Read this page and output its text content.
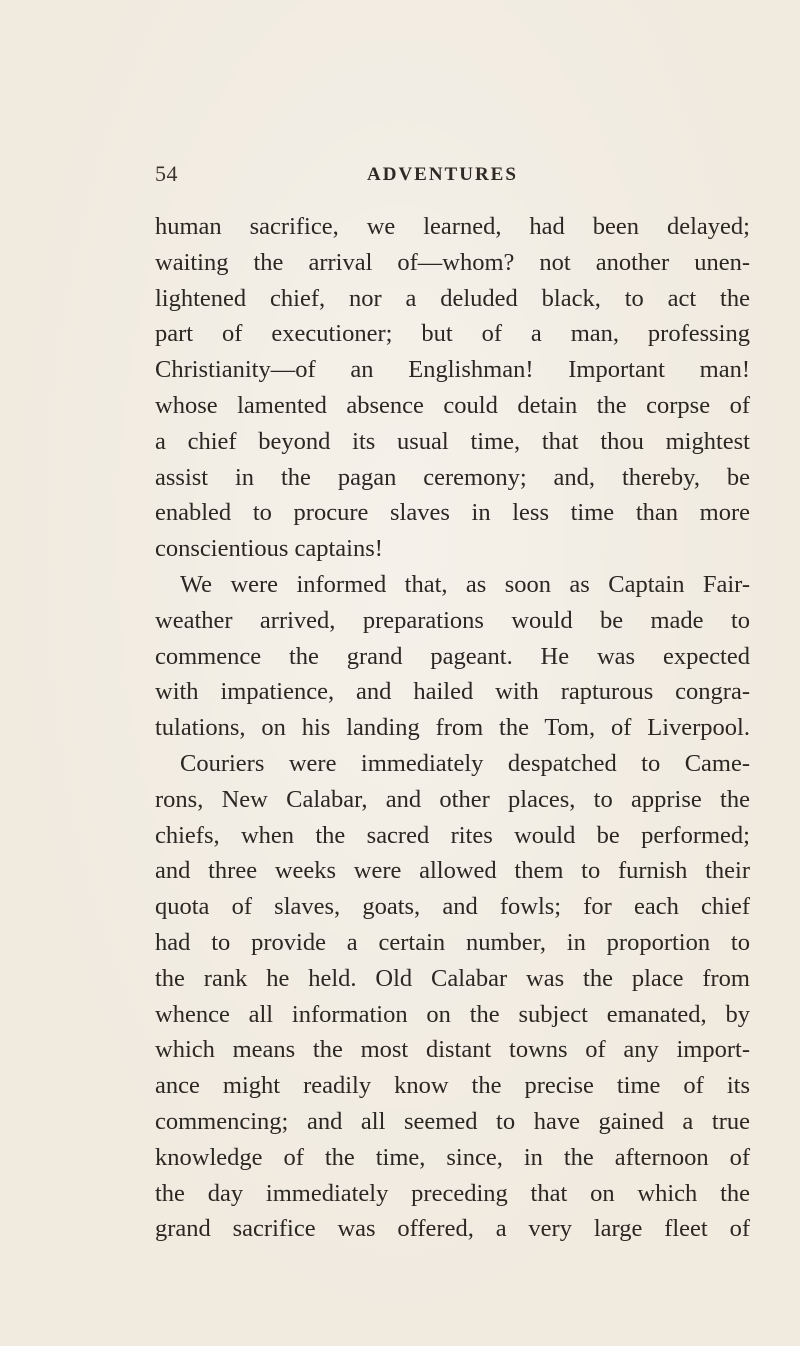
54	ADVENTURES
human sacrifice, we learned, had been delayed;
waiting the arrival of—whom? not another unen-
lightened chief, nor a deluded black, to act the
part of executioner; but of a man, professing
Christianity—of an Englishman! Important man!
whose lamented absence could detain the corpse of
a chief beyond its usual time, that thou mightest
assist in the pagan ceremony; and, thereby, be
enabled to procure slaves in less time than more
conscientious captains!
We were informed that, as soon as Captain Fair-
weather arrived, preparations would be made to
commence the grand pageant. He was expected
with impatience, and hailed with rapturous congra-
tulations, on his landing from the Tom, of Liverpool.
Couriers were immediately despatched to Came-
rons, New Calabar, and other places, to apprise the
chiefs, when the sacred rites would be performed;
and three weeks were allowed them to furnish their
quota of slaves, goats, and fowls; for each chief
had to provide a certain number, in proportion to
the rank he held. Old Calabar was the place from
whence all information on the subject emanated, by
which means the most distant towns of any import-
ance might readily know the precise time of its
commencing; and all seemed to have gained a true
knowledge of the time, since, in the afternoon of
the day immediately preceding that on which the
grand sacrifice was offered, a very large fleet of
